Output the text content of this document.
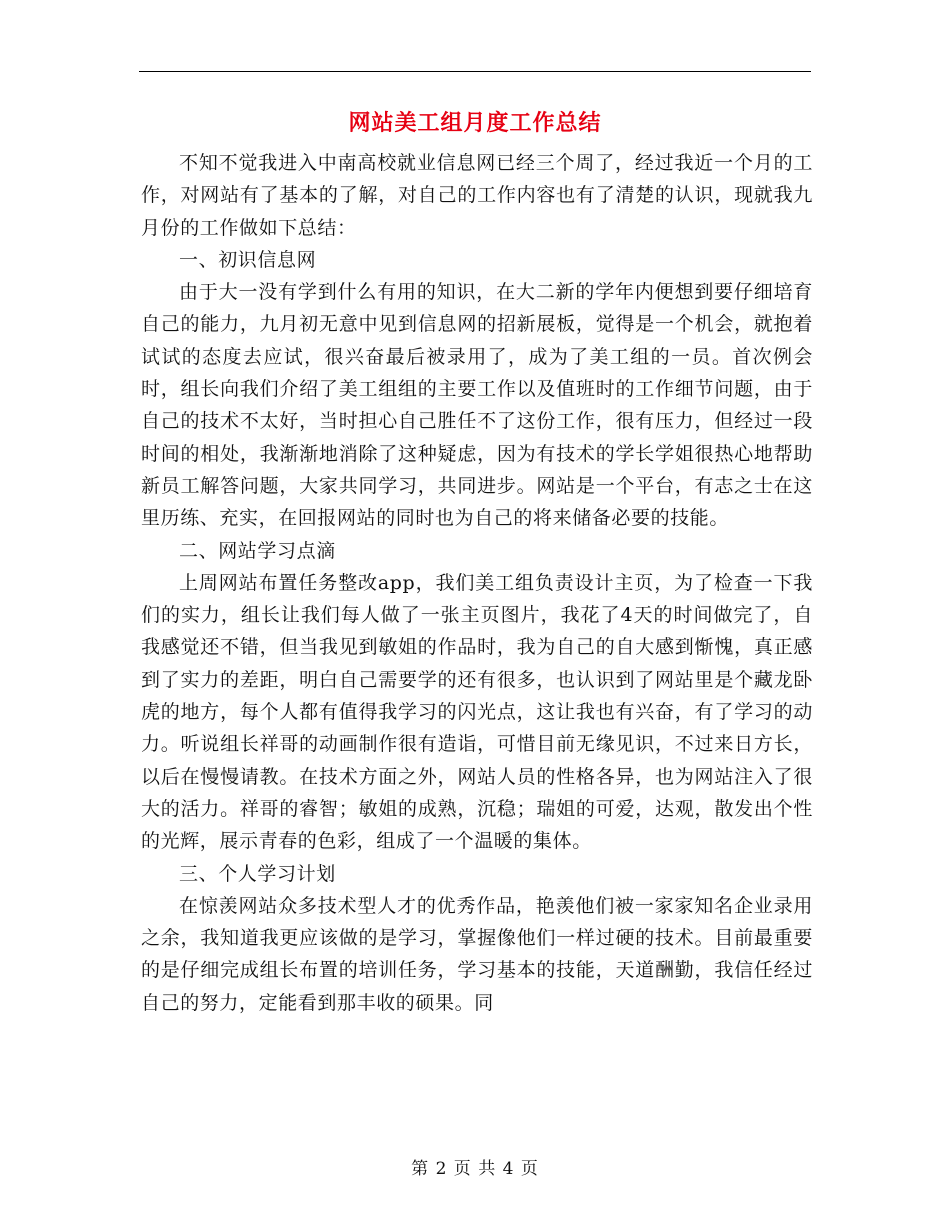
网站美工组月度工作总结

不知不觉我进入中南高校就业信息网已经三个周了，经过我近一个月的工作，对网站有了基本的了解，对自己的工作内容也有了清楚的认识，现就我九月份的工作做如下总结：

一、初识信息网

由于大一没有学到什么有用的知识，在大二新的学年内便想到要仔细培育自己的能力，九月初无意中见到信息网的招新展板，觉得是一个机会，就抱着试试的态度去应试，很兴奋最后被录用了，成为了美工组的一员。首次例会时，组长向我们介绍了美工组组的主要工作以及值班时的工作细节问题，由于自己的技术不太好，当时担心自己胜任不了这份工作，很有压力，但经过一段时间的相处，我渐渐地消除了这种疑虑，因为有技术的学长学姐很热心地帮助新员工解答问题，大家共同学习，共同进步。网站是一个平台，有志之士在这里历练、充实，在回报网站的同时也为自己的将来储备必要的技能。

二、网站学习点滴

上周网站布置任务整改app，我们美工组负责设计主页，为了检查一下我们的实力，组长让我们每人做了一张主页图片，我花了4天的时间做完了，自我感觉还不错，但当我见到敏姐的作品时，我为自己的自大感到惭愧，真正感到了实力的差距，明白自己需要学的还有很多，也认识到了网站里是个藏龙卧虎的地方，每个人都有值得我学习的闪光点，这让我也有兴奋，有了学习的动力。听说组长祥哥的动画制作很有造诣，可惜目前无缘见识，不过来日方长，以后在慢慢请教。在技术方面之外，网站人员的性格各异，也为网站注入了很大的活力。祥哥的睿智；敏姐的成熟，沉稳；瑞姐的可爱，达观，散发出个性的光辉，展示青春的色彩，组成了一个温暖的集体。

三、个人学习计划

在惊羡网站众多技术型人才的优秀作品，艳羡他们被一家家知名企业录用之余，我知道我更应该做的是学习，掌握像他们一样过硬的技术。目前最重要的是仔细完成组长布置的培训任务，学习基本的技能，天道酬勤，我信任经过自己的努力，定能看到那丰收的硕果。同

第 2 页 共 4 页
